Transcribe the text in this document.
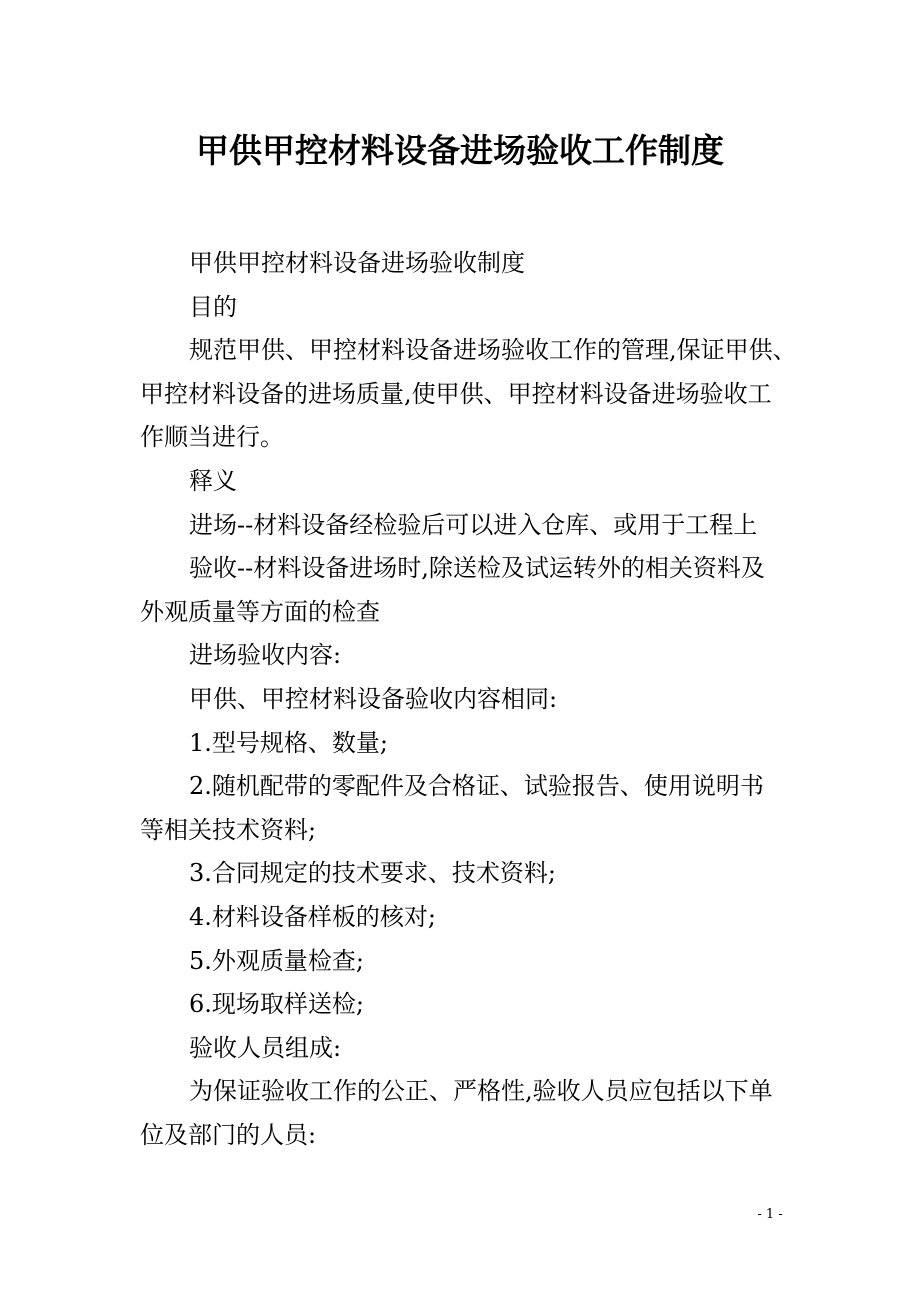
甲供甲控材料设备进场验收工作制度

甲供甲控材料设备进场验收制度

目的

规范甲供、甲控材料设备进场验收工作的管理,保证甲供、

甲控材料设备的进场质量,使甲供、甲控材料设备进场验收工

作顺当进行。

释义

进场--材料设备经检验后可以进入仓库、或用于工程上

验收--材料设备进场时,除送检及试运转外的相关资料及

外观质量等方面的检查

进场验收内容:

甲供、甲控材料设备验收内容相同:

1.型号规格、数量;

2.随机配带的零配件及合格证、试验报告、使用说明书

等相关技术资料;

3.合同规定的技术要求、技术资料;

4.材料设备样板的核对;

5.外观质量检查;

6.现场取样送检;

验收人员组成:

为保证验收工作的公正、严格性,验收人员应包括以下单

位及部门的人员:

- 1 -
